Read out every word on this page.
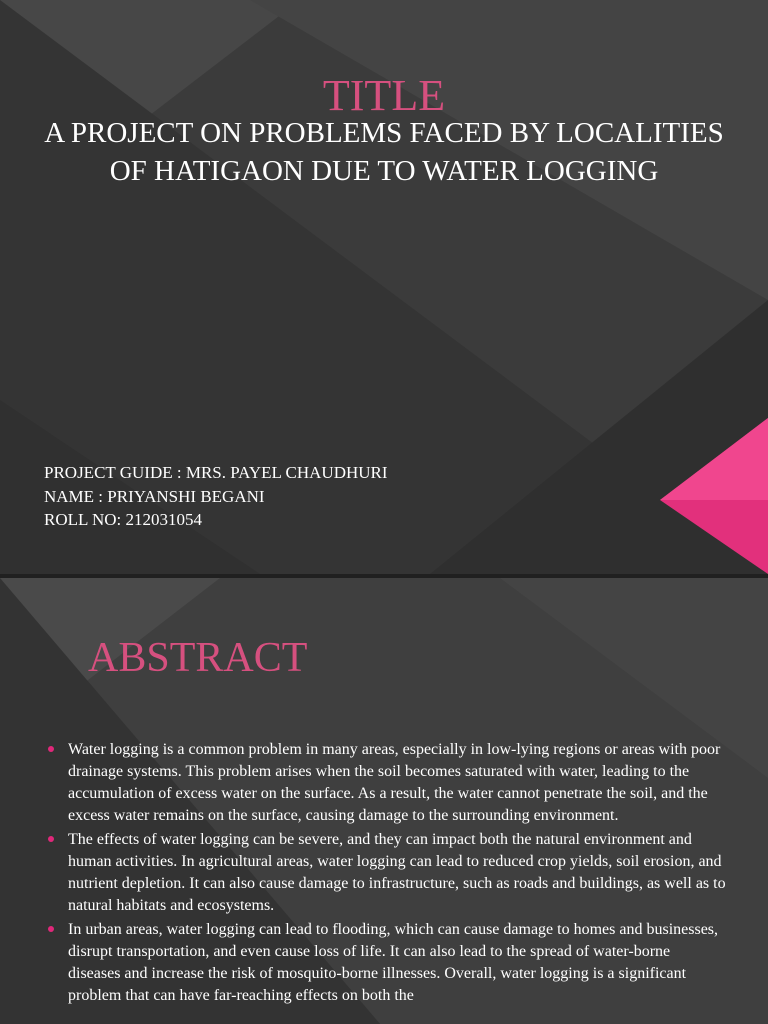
TITLE

A PROJECT ON PROBLEMS FACED BY LOCALITIES OF HATIGAON DUE TO WATER LOGGING

PROJECT GUIDE : MRS. PAYEL CHAUDHURI
NAME : PRIYANSHI BEGANI
ROLL NO: 212031054
ABSTRACT
Water logging is a common problem in many areas, especially in low-lying regions or areas with poor drainage systems. This problem arises when the soil becomes saturated with water, leading to the accumulation of excess water on the surface. As a result, the water cannot penetrate the soil, and the excess water remains on the surface, causing damage to the surrounding environment.
The effects of water logging can be severe, and they can impact both the natural environment and human activities. In agricultural areas, water logging can lead to reduced crop yields, soil erosion, and nutrient depletion. It can also cause damage to infrastructure, such as roads and buildings, as well as to natural habitats and ecosystems.
In urban areas, water logging can lead to flooding, which can cause damage to homes and businesses, disrupt transportation, and even cause loss of life. It can also lead to the spread of water-borne diseases and increase the risk of mosquito-borne illnesses. Overall, water logging is a significant problem that can have far-reaching effects on both the
